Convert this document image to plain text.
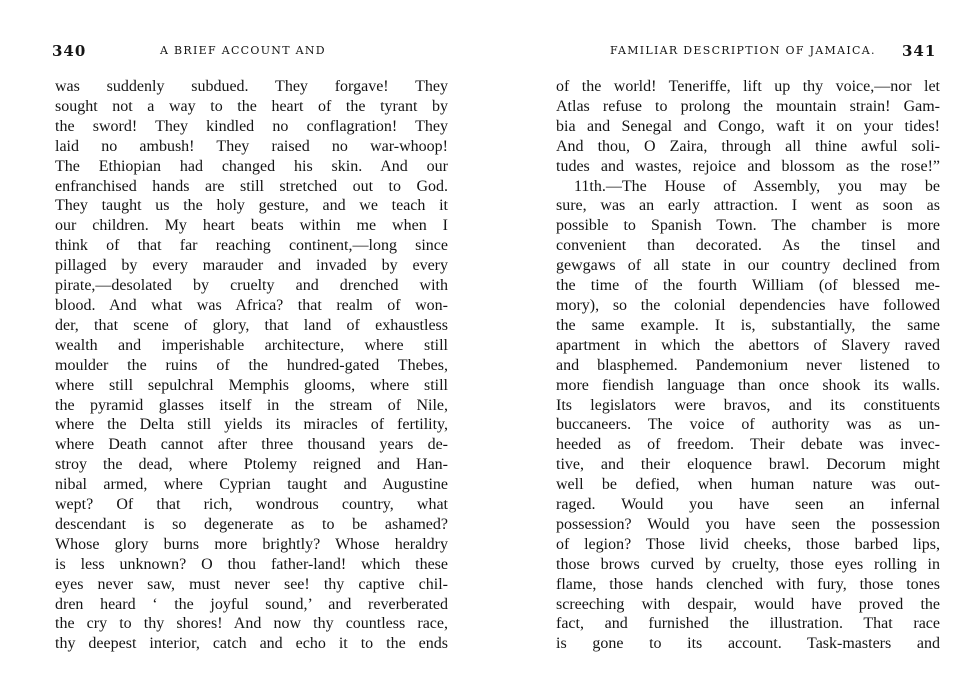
340	A BRIEF ACCOUNT AND
was suddenly subdued. They forgave! They
sought not a way to the heart of the tyrant by
the sword! They kindled no conflagration! They
laid no ambush! They raised no war-whoop!
The Ethiopian had changed his skin. And our
enfranchised hands are still stretched out to God.
They taught us the holy gesture, and we teach it
our children. My heart beats within me when I
think of that far reaching continent,—long since
pillaged by every marauder and invaded by every
pirate,—desolated by cruelty and drenched with
blood. And what was Africa? that realm of won-
der, that scene of glory, that land of exhaustless
wealth and imperishable architecture, where still
moulder the ruins of the hundred-gated Thebes,
where still sepulchral Memphis glooms, where still
the pyramid glasses itself in the stream of Nile,
where the Delta still yields its miracles of fertility,
where Death cannot after three thousand years de-
stroy the dead, where Ptolemy reigned and Han-
nibal armed, where Cyprian taught and Augustine
wept? Of that rich, wondrous country, what
descendant is so degenerate as to be ashamed?
Whose glory burns more brightly? Whose heraldry
is less unknown? O thou father-land! which these
eyes never saw, must never see! thy captive chil-
dren heard ‘ the joyful sound,’ and reverberated
the cry to thy shores! And now thy countless race,
thy deepest interior, catch and echo it to the ends
FAMILIAR DESCRIPTION OF JAMAICA. 341
of the world! Teneriffe, lift up thy voice,—nor let
Atlas refuse to prolong the mountain strain! Gam-
bia and Senegal and Congo, waft it on your tides!
And thou, O Zaira, through all thine awful soli-
tudes and wastes, rejoice and blossom as the rose!”
11th.—The House of Assembly, you may be
sure, was an early attraction. I went as soon as
possible to Spanish Town. The chamber is more
convenient than decorated. As the tinsel and
gewgaws of all state in our country declined from
the time of the fourth William (of blessed me-
mory), so the colonial dependencies have followed
the same example. It is, substantially, the same
apartment in which the abettors of Slavery raved
and blasphemed. Pandemonium never listened to
more fiendish language than once shook its walls.
Its legislators were bravos, and its constituents
buccaneers. The voice of authority was as un-
heeded as of freedom. Their debate was invec-
tive, and their eloquence brawl. Decorum might
well be defied, when human nature was out-
raged. Would you have seen an infernal
possession? Would you have seen the possession
of legion? Those livid cheeks, those barbed lips,
those brows curved by cruelty, those eyes rolling in
flame, those hands clenched with fury, those tones
screeching with despair, would have proved the
fact, and furnished the illustration. That race
is gone to its account. Task-masters and
